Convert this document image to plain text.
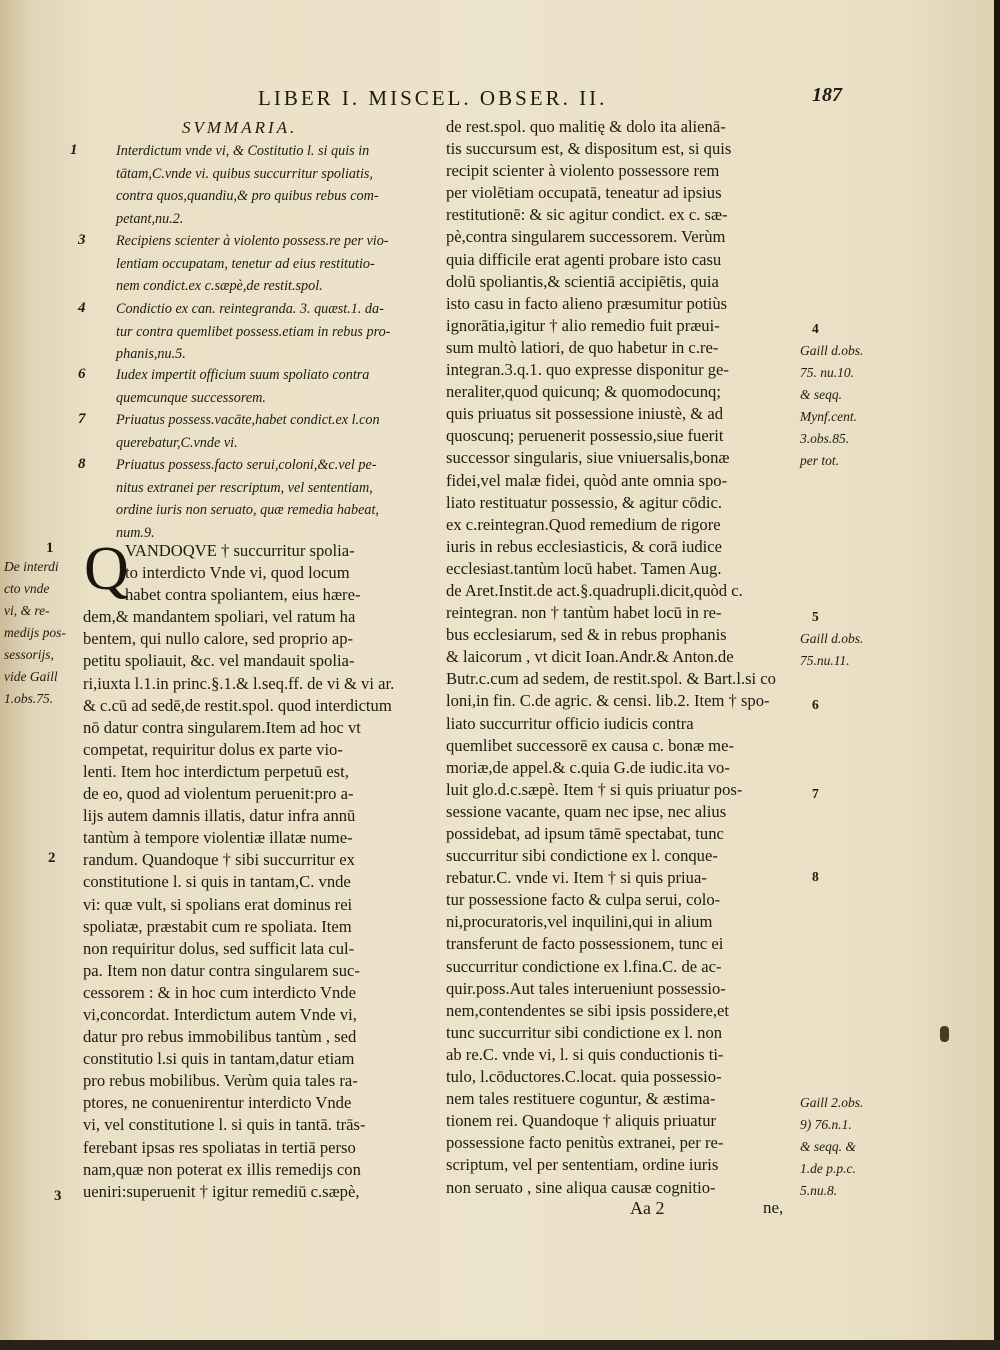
LIBER I. MISCEL. OBSER. II.	187
SVMMARIA.
1	Interdictum vnde vi, & Costitutio l. si quis in
tātam,C.vnde vi. quibus succurritur spoliatis,
contra quos,quandiu,& pro quibus rebus com-
petant,nu.2.
3 Recipiens scienter à violento possess.re per vio-
lentiam occupatam, tenetur ad eius restitutio-
nem condict.ex c.sæpè,de restit.spol.
4 Condictio ex can. reintegranda. 3. quæst.1. da-
tur contra quemlibet possess.etiam in rebus pro-
phanis,nu.5.
6 Iudex impertit officium suum spoliato contra
quemcunque successorem.
7 Priuatus possess.vacāte,habet condict.ex l.con
querebatur,C.vnde vi.
8 Priuatus possess.facto serui,coloni,&c.vel pe-
nitus extranei per rescriptum, vel sententiam,
ordine iuris non seruato, quæ remedia habeat,
num.9.
Q
VANDOQVE † succurritur spolia-
to interdicto Vnde vi, quod locum
habet contra spoliantem, eius hære-
dem,& mandantem spoliari, vel ratum ha
bentem, qui nullo calore, sed proprio ap-
petitu spoliauit, &c. vel mandauit spolia-
ri,iuxta l.1.in princ.§.1.& l.seq.ff. de vi & vi ar.
& c.cū ad sedē,de restit.spol. quod interdictum
nō datur contra singularem.Item ad hoc vt
competat, requiritur dolus ex parte vio-
lenti. Item hoc interdictum perpetuū est,
de eo, quod ad violentum peruenit:pro a-
lijs autem damnis illatis, datur infra annū
tantùm à tempore violentiæ illatæ nume-
randum. Quandoque † sibi succurritur ex
constitutione l. si quis in tantam,C. vnde
vi: quæ vult, si spolians erat dominus rei
spoliatæ, præstabit cum re spoliata. Item
non requiritur dolus, sed sufficit lata cul-
pa. Item non datur contra singularem suc-
cessorem : & in hoc cum interdicto Vnde
vi,concordat. Interdictum autem Vnde vi,
datur pro rebus immobilibus tantùm , sed
constitutio l.si quis in tantam,datur etiam
pro rebus mobilibus. Verùm quia tales ra-
ptores, ne conuenirentur interdicto Vnde
vi, vel constitutione l. si quis in tantā. trās-
ferebant ipsas res spoliatas in tertiā perso
nam,quæ non poterat ex illis remedijs con
ueniri:superuenit † igitur remediū c.sæpè,
de rest.spol. quo malitię & dolo ita alienā-
tis succursum est, & dispositum est, si quis
recipit scienter à violento possessore rem
per violētiam occupatā, teneatur ad ipsius
restitutionē: & sic agitur condict. ex c. sæ-
pè,contra singularem successorem. Verùm
quia difficile erat agenti probare isto casu
dolū spoliantis,& scientiā accipiētis, quia
isto casu in facto alieno præsumitur potiùs
ignorātia,igitur † alio remedio fuit præui-
sum multò latiori, de quo habetur in c.re-
integran.3.q.1. quo expresse disponitur ge-
neraliter,quod quicunq; & quomodocunq;
quis priuatus sit possessione iniustè, & ad
quoscunq; peruenerit possessio,siue fuerit
successor singularis, siue vniuersalis,bonæ
fidei,vel malæ fidei, quòd ante omnia spo-
liato restituatur possessio, & agitur cōdic.
ex c.reintegran.Quod remedium de rigore
iuris in rebus ecclesiasticis, & corā iudice
ecclesiast.tantùm locū habet. Tamen Aug.
de Aret.Instit.de act.§.quadrupli.dicit,quòd c.
reintegran. non † tantùm habet locū in re-
bus ecclesiarum, sed & in rebus prophanis
& laicorum , vt dicit Ioan.Andr.& Anton.de
Butr.c.cum ad sedem, de restit.spol. & Bart.l.si co
loni,in fin. C.de agric. & censi. lib.2. Item † spo-
liato succurritur officio iudicis contra
quemlibet successorē ex causa c. bonæ me-
moriæ,de appel.& c.quia G.de iudic.ita vo-
luit glo.d.c.sæpè. Item † si quis priuatur pos-
sessione vacante, quam nec ipse, nec alius
possidebat, ad ipsum tāmē spectabat, tunc
succurritur sibi condictione ex l. conque-
rebatur.C. vnde vi. Item † si quis priua-
tur possessione facto & culpa serui, colo-
ni,procuratoris,vel inquilini,qui in alium
transferunt de facto possessionem, tunc ei
succurritur condictione ex l.fina.C. de ac-
quir.poss.Aut tales interueniunt possessio-
nem,contendentes se sibi ipsis possidere,et
tunc succurritur sibi condictione ex l. non
ab re.C. vnde vi, l. si quis conductionis ti-
tulo, l.cōductores.C.locat. quia possessio-
nem tales restituere coguntur, & æstima-
tionem rei. Quandoque † aliquis priuatur
possessione facto penitùs extranei, per re-
scriptum, vel per sententiam, ordine iuris
non seruato , sine aliqua causæ cognitio-
1
De interdi
cto vnde
vi, & re-
medijs pos-
sessorijs,
vide Gaill
1.obs.75.
2
3
4
Gaill d.obs.
75. nu.10.
& seqq.
Mynf.cent.
3.obs.85.
per tot.
5
Gaill d.obs.
75.nu.11.
6
7
8
Gaill 2.obs.
9) 76.n.1.
& seqq. &
1.de p.p.c.
5.nu.8.
Aa 2	ne,
